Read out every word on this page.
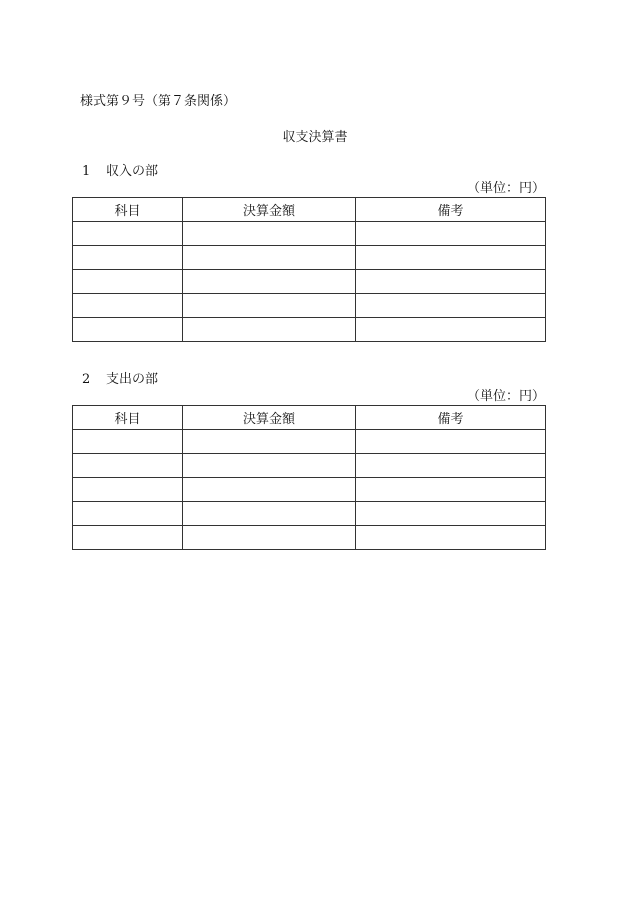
様式第９号（第７条関係）
収支決算書
1 収入の部
（単位：円）
科目	決算金額	備考

2 支出の部
（単位：円）
科目	決算金額	備考
